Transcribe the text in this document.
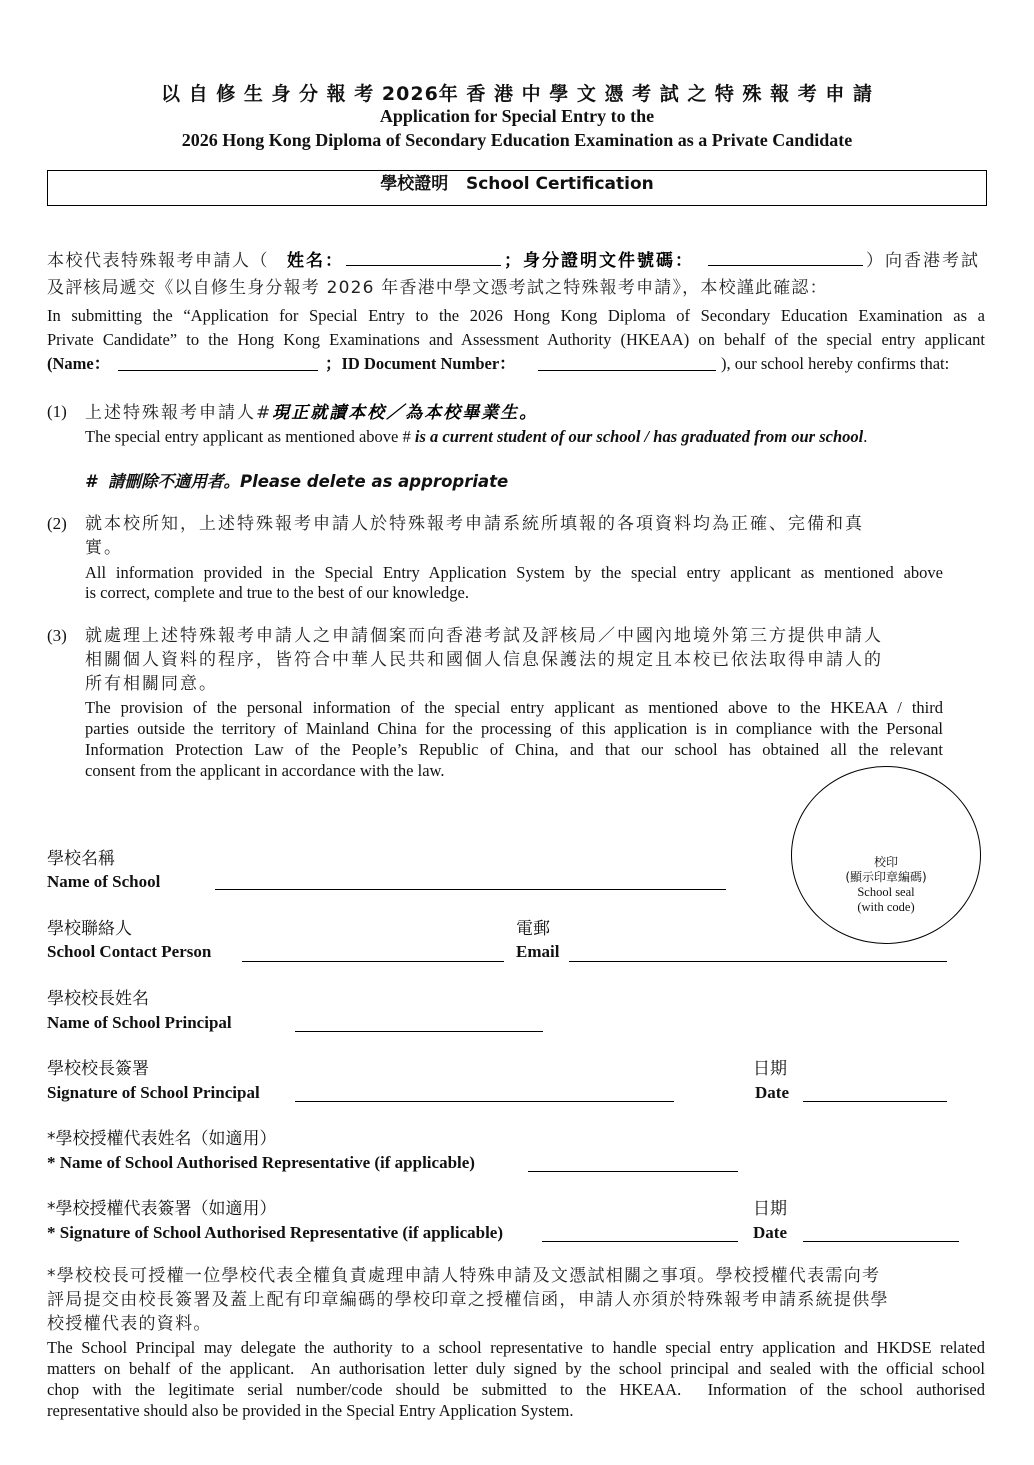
以 自 修 生 身 分 報 考 2026年 香 港 中 學 文 憑 考 試 之 特 殊 報 考 申 請
Application for Special Entry to the
2026 Hong Kong Diploma of Secondary Education Examination as a Private Candidate
學校證明   School Certification
本校代表特殊報考申請人（ 姓名：	；身分證明文件號碼：	）向香港考試
及評核局遞交《以自修生身分報考 2026 年香港中學文憑考試之特殊報考申請》，本校謹此確認：
In submitting the “Application for Special Entry to the 2026 Hong Kong Diploma of Secondary Education Examination as a
Private Candidate” to the Hong Kong Examinations and Assessment Authority (HKEAA) on behalf of the special entry applicant
(Name：	；ID Document Number：	), our school hereby confirms that:
(1) 上述特殊報考申請人#現正就讀本校／為本校畢業生。
The special entry applicant as mentioned above # is a current student of our school / has graduated from our school.
#  請刪除不適用者。Please delete as appropriate
(2) 就本校所知，上述特殊報考申請人於特殊報考申請系統所填報的各項資料均為正確、完備和真
實。
All information provided in the Special Entry Application System by the special entry applicant as mentioned above
is correct, complete and true to the best of our knowledge.
(3) 就處理上述特殊報考申請人之申請個案而向香港考試及評核局／中國內地境外第三方提供申請人
相關個人資料的程序，皆符合中華人民共和國個人信息保護法的規定且本校已依法取得申請人的
所有相關同意。
The provision of the personal information of the special entry applicant as mentioned above to the HKEAA / third
parties outside the territory of Mainland China for the processing of this application is in compliance with the Personal
Information Protection Law of the People’s Republic of China, and that our school has obtained all the relevant
consent from the applicant in accordance with the law.
校印
(顯示印章編碼)
School seal
(with code)
學校名稱
Name of School
學校聯絡人
School Contact Person
電郵
Email
學校校長姓名
Name of School Principal
學校校長簽署
Signature of School Principal
日期
Date
*學校授權代表姓名（如適用）
* Name of School Authorised Representative (if applicable)
*學校授權代表簽署（如適用）
* Signature of School Authorised Representative (if applicable)
日期
Date
*學校校長可授權一位學校代表全權負責處理申請人特殊申請及文憑試相關之事項。學校授權代表需向考
評局提交由校長簽署及蓋上配有印章編碼的學校印章之授權信函，申請人亦須於特殊報考申請系統提供學
校授權代表的資料。
The School Principal may delegate the authority to a school representative to handle special entry application and HKDSE related
matters on behalf of the applicant.  An authorisation letter duly signed by the school principal and sealed with the official school
chop with the legitimate serial number/code should be submitted to the HKEAA.  Information of the school authorised
representative should also be provided in the Special Entry Application System.
